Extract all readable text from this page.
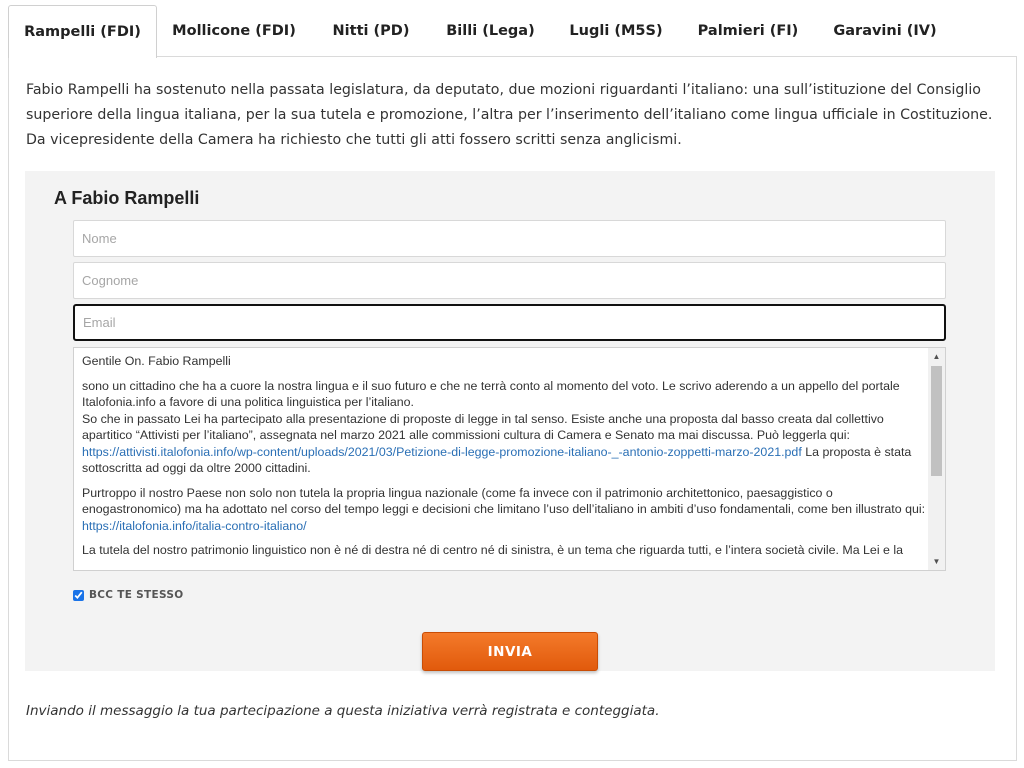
Rampelli (FDI)	Mollicone (FDI)	Nitti (PD)	Billi (Lega)	Lugli (M5S)	Palmieri (FI)	Garavini (IV)

Fabio Rampelli ha sostenuto nella passata legislatura, da deputato, due mozioni riguardanti l’italiano: una sull’istituzione del Consiglio superiore della lingua italiana, per la sua tutela e promozione, l’altra per l’inserimento dell’italiano come lingua ufficiale in Costituzione. Da vicepresidente della Camera ha richiesto che tutti gli atti fossero scritti senza anglicismi.

A Fabio Rampelli
Nome
Cognome
Email

Gentile On. Fabio Rampelli

sono un cittadino che ha a cuore la nostra lingua e il suo futuro e che ne terrà conto al momento del voto. Le scrivo aderendo a un appello del portale Italofonia.info a favore di una politica linguistica per l’italiano.
So che in passato Lei ha partecipato alla presentazione di proposte di legge in tal senso. Esiste anche una proposta dal basso creata dal collettivo apartitico “Attivisti per l’italiano”, assegnata nel marzo 2021 alle commissioni cultura di Camera e Senato ma mai discussa. Può leggerla qui: https://attivisti.italofonia.info/wp-content/uploads/2021/03/Petizione-di-legge-promozione-italiano-_-antonio-zoppetti-marzo-2021.pdf La proposta è stata sottoscritta ad oggi da oltre 2000 cittadini.

Purtroppo il nostro Paese non solo non tutela la propria lingua nazionale (come fa invece con il patrimonio architettonico, paesaggistico o enogastronomico) ma ha adottato nel corso del tempo leggi e decisioni che limitano l’uso dell’italiano in ambiti d’uso fondamentali, come ben illustrato qui: https://italofonia.info/italia-contro-italiano/

La tutela del nostro patrimonio linguistico non è né di destra né di centro né di sinistra, è un tema che riguarda tutti, e l’intera società civile. Ma Lei e la

▲
▼
BCC TE STESSO
INVIA

Inviando il messaggio la tua partecipazione a questa iniziativa verrà registrata e conteggiata.
